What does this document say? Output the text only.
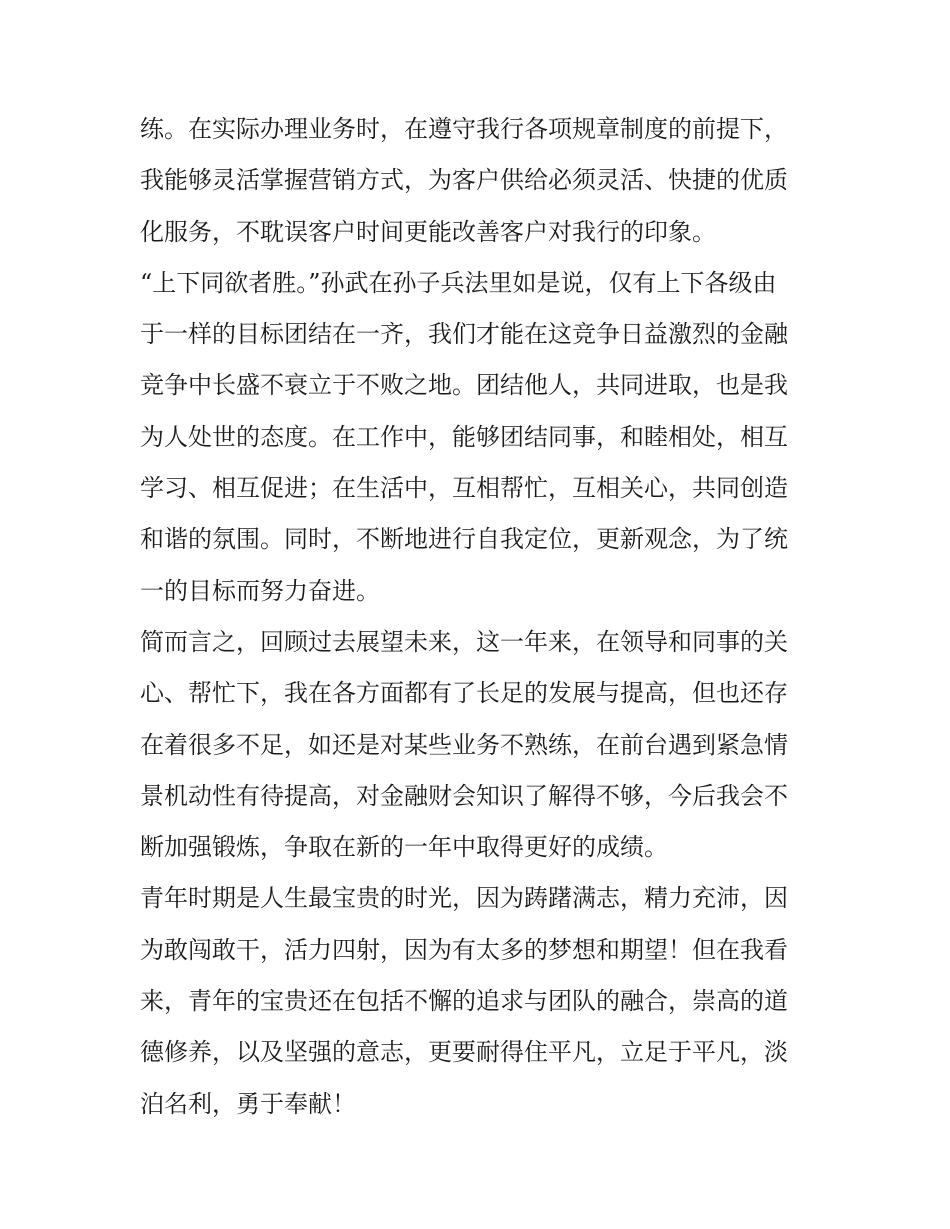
练。在实际办理业务时，在遵守我行各项规章制度的前提下，
我能够灵活掌握营销方式，为客户供给必须灵活、快捷的优质
化服务，不耽误客户时间更能改善客户对我行的印象。
“上下同欲者胜。”孙武在孙子兵法里如是说，仅有上下各级由
于一样的目标团结在一齐，我们才能在这竞争日益激烈的金融
竞争中长盛不衰立于不败之地。团结他人，共同进取，也是我
为人处世的态度。在工作中，能够团结同事，和睦相处，相互
学习、相互促进；在生活中，互相帮忙，互相关心，共同创造
和谐的氛围。同时，不断地进行自我定位，更新观念，为了统
一的目标而努力奋进。
简而言之，回顾过去展望未来，这一年来，在领导和同事的关
心、帮忙下，我在各方面都有了长足的发展与提高，但也还存
在着很多不足，如还是对某些业务不熟练，在前台遇到紧急情
景机动性有待提高，对金融财会知识了解得不够，今后我会不
断加强锻炼，争取在新的一年中取得更好的成绩。
青年时期是人生最宝贵的时光，因为踌躇满志，精力充沛，因
为敢闯敢干，活力四射，因为有太多的梦想和期望！但在我看
来，青年的宝贵还在包括不懈的追求与团队的融合，崇高的道
德修养，以及坚强的意志，更要耐得住平凡，立足于平凡，淡
泊名利，勇于奉献！
